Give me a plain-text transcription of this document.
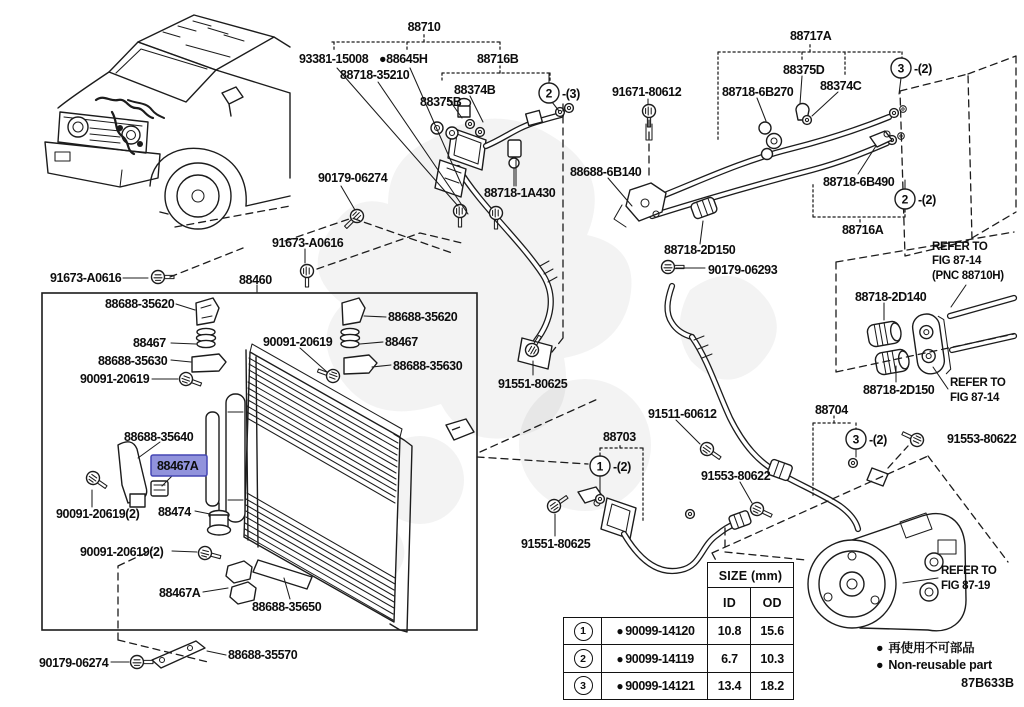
2 -(3)
3 -(2)
2 -(2)
3 -(2)
1 -(2)
88710
93381-15008 ●88645H
88718-35210
88716B
88374B
88375B
90179-06274
88718-1A430
91671-80612
88717A
88375D
88374C
88718-6B270
88718-6B490
88716A
88688-6B140
88718-2D150
90179-06293
88718-2D140
88718-2D150
91673-A0616
91673-A0616
88460
88688-35620
88688-35620
88467	88467
88688-35630	88688-35630
90091-20619
90091-20619
88688-35640
88467A
90091-20619(2) 88474
90091-20619(2)
88467A
88688-35650
90179-06274
88688-35570
91551-80625
88703
91551-80625
91511-60612
91553-80622
88704
91553-80622
REFER TO
FIG 87-14
(PNC 88710H)
REFER TO
FIG 87-14
REFER TO
FIG 87-19
SIZE (mm)
ID	OD
1	● 90099-14120	10.8	15.6
2	● 90099-14119	6.7	10.3
3	● 90099-14121	13.4	18.2
● 再使用不可部品
● Non-reusable part
87B633B
